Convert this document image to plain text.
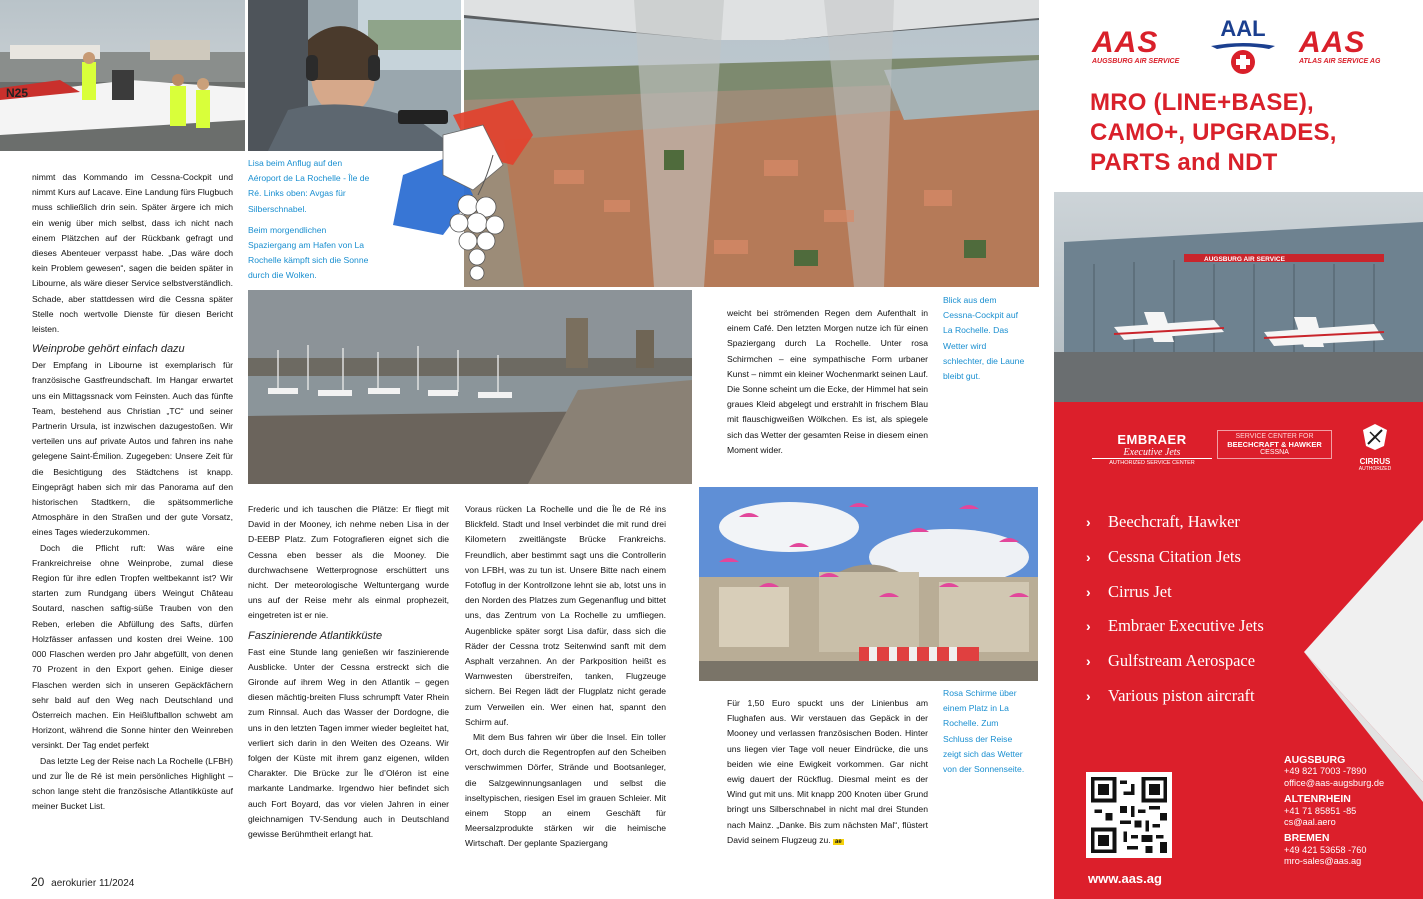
N25

nimmt das Kommando im Cessna-Cockpit und nimmt Kurs auf Lacave. Eine Landung fürs Flugbuch muss schließlich drin sein. Später ärgere ich mich ein wenig über mich selbst, dass ich nicht nach einem Plätzchen auf der Rückbank gefragt und dieses Abenteuer verpasst habe. „Das wäre doch kein Problem gewesen“, sagen die beiden später in Libourne, als wäre dieser Service selbstverständlich. Schade, aber stattdessen wird die Cessna später Stelle noch wertvolle Dienste für diesen Bericht leisten.

Weinprobe gehört einfach dazu

Der Empfang in Libourne ist exemplarisch für französische Gastfreundschaft. Im Hangar erwartet uns ein Mittagssnack vom Feinsten. Auch das fünfte Team, bestehend aus Christian „TC“ und seiner Partnerin Ursula, ist inzwischen dazugestoßen. Wir verteilen uns auf private Autos und fahren ins nahe gelegene Saint-Émilion. Zugegeben: Unsere Zeit für die Besichtigung des Städtchens ist knapp. Eingeprägt haben sich mir das Panorama auf den historischen Stadtkern, die spätsommerliche Atmosphäre in den Straßen und der gute Vorsatz, eines Tages wiederzukommen.

Doch die Pflicht ruft: Was wäre eine Frankreichreise ohne Weinprobe, zumal diese Region für ihre edlen Tropfen weltbekannt ist? Wir starten zum Rundgang übers Weingut Château Soutard, naschen saftig-süße Trauben von den Reben, erleben die Abfüllung des Safts, dürfen Holzfässer anfassen und kosten drei Weine. 100 000 Flaschen werden pro Jahr abgefüllt, von denen 70 Prozent in den Export gehen. Einige dieser Flaschen werden sich in unseren Gepäckfächern sehr bald auf den Weg nach Deutschland und Österreich machen. Ein Heißluftballon schwebt am Horizont, während die Sonne hinter den Weinreben versinkt. Der Tag endet perfekt

Das letzte Leg der Reise nach La Rochelle (LFBH) und zur Île de Ré ist mein persönliches Highlight – schon lange steht die französische Atlantikküste auf meiner Bucket List.

Frederic und ich tauschen die Plätze: Er fliegt mit David in der Mooney, ich nehme neben Lisa in der D-EEBP Platz. Zum Fotografieren eignet sich die Cessna eben besser als die Mooney. Die durchwachsene Wetterprognose erschüttert uns nicht. Der meteorologische Weltuntergang wurde uns auf der Reise mehr als einmal prophezeit, eingetreten ist er nie.

Faszinierende Atlantikküste

Fast eine Stunde lang genießen wir faszinierende Ausblicke. Unter der Cessna erstreckt sich die Gironde auf ihrem Weg in den Atlantik – gegen diesen mächtig-breiten Fluss schrumpft Vater Rhein zum Rinnsal. Auch das Wasser der Dordogne, die uns in den letzten Tagen immer wieder begleitet hat, verliert sich darin in den Weiten des Ozeans. Wir folgen der Küste mit ihrem ganz eigenen, wilden Charakter. Die Brücke zur Île d’Oléron ist eine markante Landmarke. Irgendwo hier befindet sich auch Fort Boyard, das vor vielen Jahren in einer gleichnamigen TV-Sendung auch in Deutschland gewisse Berühmtheit erlangt hat.

Voraus rücken La Rochelle und die Île de Ré ins Blickfeld. Stadt und Insel verbindet die mit rund drei Kilometern zweitlängste Brücke Frankreichs. Freundlich, aber bestimmt sagt uns die Controllerin von LFBH, was zu tun ist. Unsere Bitte nach einem Fotoflug in der Kontrollzone lehnt sie ab, lotst uns in den Norden des Platzes zum Gegenanflug und bittet uns, das Zentrum von La Rochelle zu umfliegen. Augenblicke später sorgt Lisa dafür, dass sich die Räder der Cessna trotz Seitenwind sanft mit dem Asphalt verzahnen. An der Parkposition heißt es Warnwesten überstreifen, tanken, Flugzeuge sichern. Bei Regen lädt der Flugplatz nicht gerade zum Verweilen ein. Wer einen hat, spannt den Schirm auf.

Mit dem Bus fahren wir über die Insel. Ein toller Ort, doch durch die Regentropfen auf den Scheiben verschwimmen Dörfer, Strände und Bootsanleger, die Salzgewinnungsanlagen und selbst die inseltypischen, riesigen Esel im grauen Schleier. Mit einem Stopp an einem Geschäft für Meersalzprodukte stärken wir die heimische Wirtschaft. Der geplante Spaziergang

weicht bei strömenden Regen dem Aufenthalt in einem Café. Den letzten Morgen nutze ich für einen Spaziergang durch La Rochelle. Unter rosa Schirmchen – eine sympathische Form urbaner Kunst – nimmt ein kleiner Wochenmarkt seinen Lauf. Die Sonne scheint um die Ecke, der Himmel hat sein graues Kleid abgelegt und erstrahlt in frischem Blau mit flauschigweißen Wölkchen. Es ist, als spiegele sich das Wetter der gesamten Reise in diesem einen Moment wider.

Für 1,50 Euro spuckt uns der Linienbus am Flughafen aus. Wir verstauen das Gepäck in der Mooney und verlassen französischen Boden. Hinter uns liegen vier Tage voll neuer Eindrücke, die uns beiden wie eine Ewigkeit vorkommen. Gar nicht ewig dauert der Rückflug. Diesmal meint es der Wind gut mit uns. Mit knapp 200 Knoten über Grund bringt uns Silberschnabel in nicht mal drei Stunden nach Mainz. „Danke. Bis zum nächsten Mal“, flüstert David seinem Flugzeug zu. ae

Lisa beim Anflug auf den Aéroport de La Rochelle - Île de Ré. Links oben: Avgas für Silberschnabel.

Beim morgendlichen Spaziergang am Hafen von La Rochelle kämpft sich die Sonne durch die Wolken.

Blick aus dem Cessna-Cockpit auf La Rochelle. Das Wetter wird schlechter, die Laune bleibt gut.

Rosa Schirme über einem Platz in La Rochelle. Zum Schluss der Reise zeigt sich das Wetter von der Sonnenseite.

20 aerokurier 11/2024
AAS
AUGSBURG AIR SERVICE
AAL	AAS
ATLAS AIR SERVICE AG
MRO (LINE+BASE),
CAMO+, UPGRADES,
PARTS and NDT
AUGSBURG AIR SERVICE
EMBRAER
Executive Jets
AUTHORIZED SERVICE CENTER
SERVICE CENTER FOR
BEECHCRAFT & HAWKER
CESSNA
CIRRUS
AUTHORIZED
› Beechcraft, Hawker
› Cessna Citation Jets
› Cirrus Jet
› Embraer Executive Jets
› Gulfstream Aerospace
› Various piston aircraft
AUGSBURG
+49 821 7003 -7890
office@aas-augsburg.de
ALTENRHEIN
+41 71 85851 -85
cs@aal.aero
BREMEN
+49 421 53658 -760
mro-sales@aas.ag
www.aas.ag
